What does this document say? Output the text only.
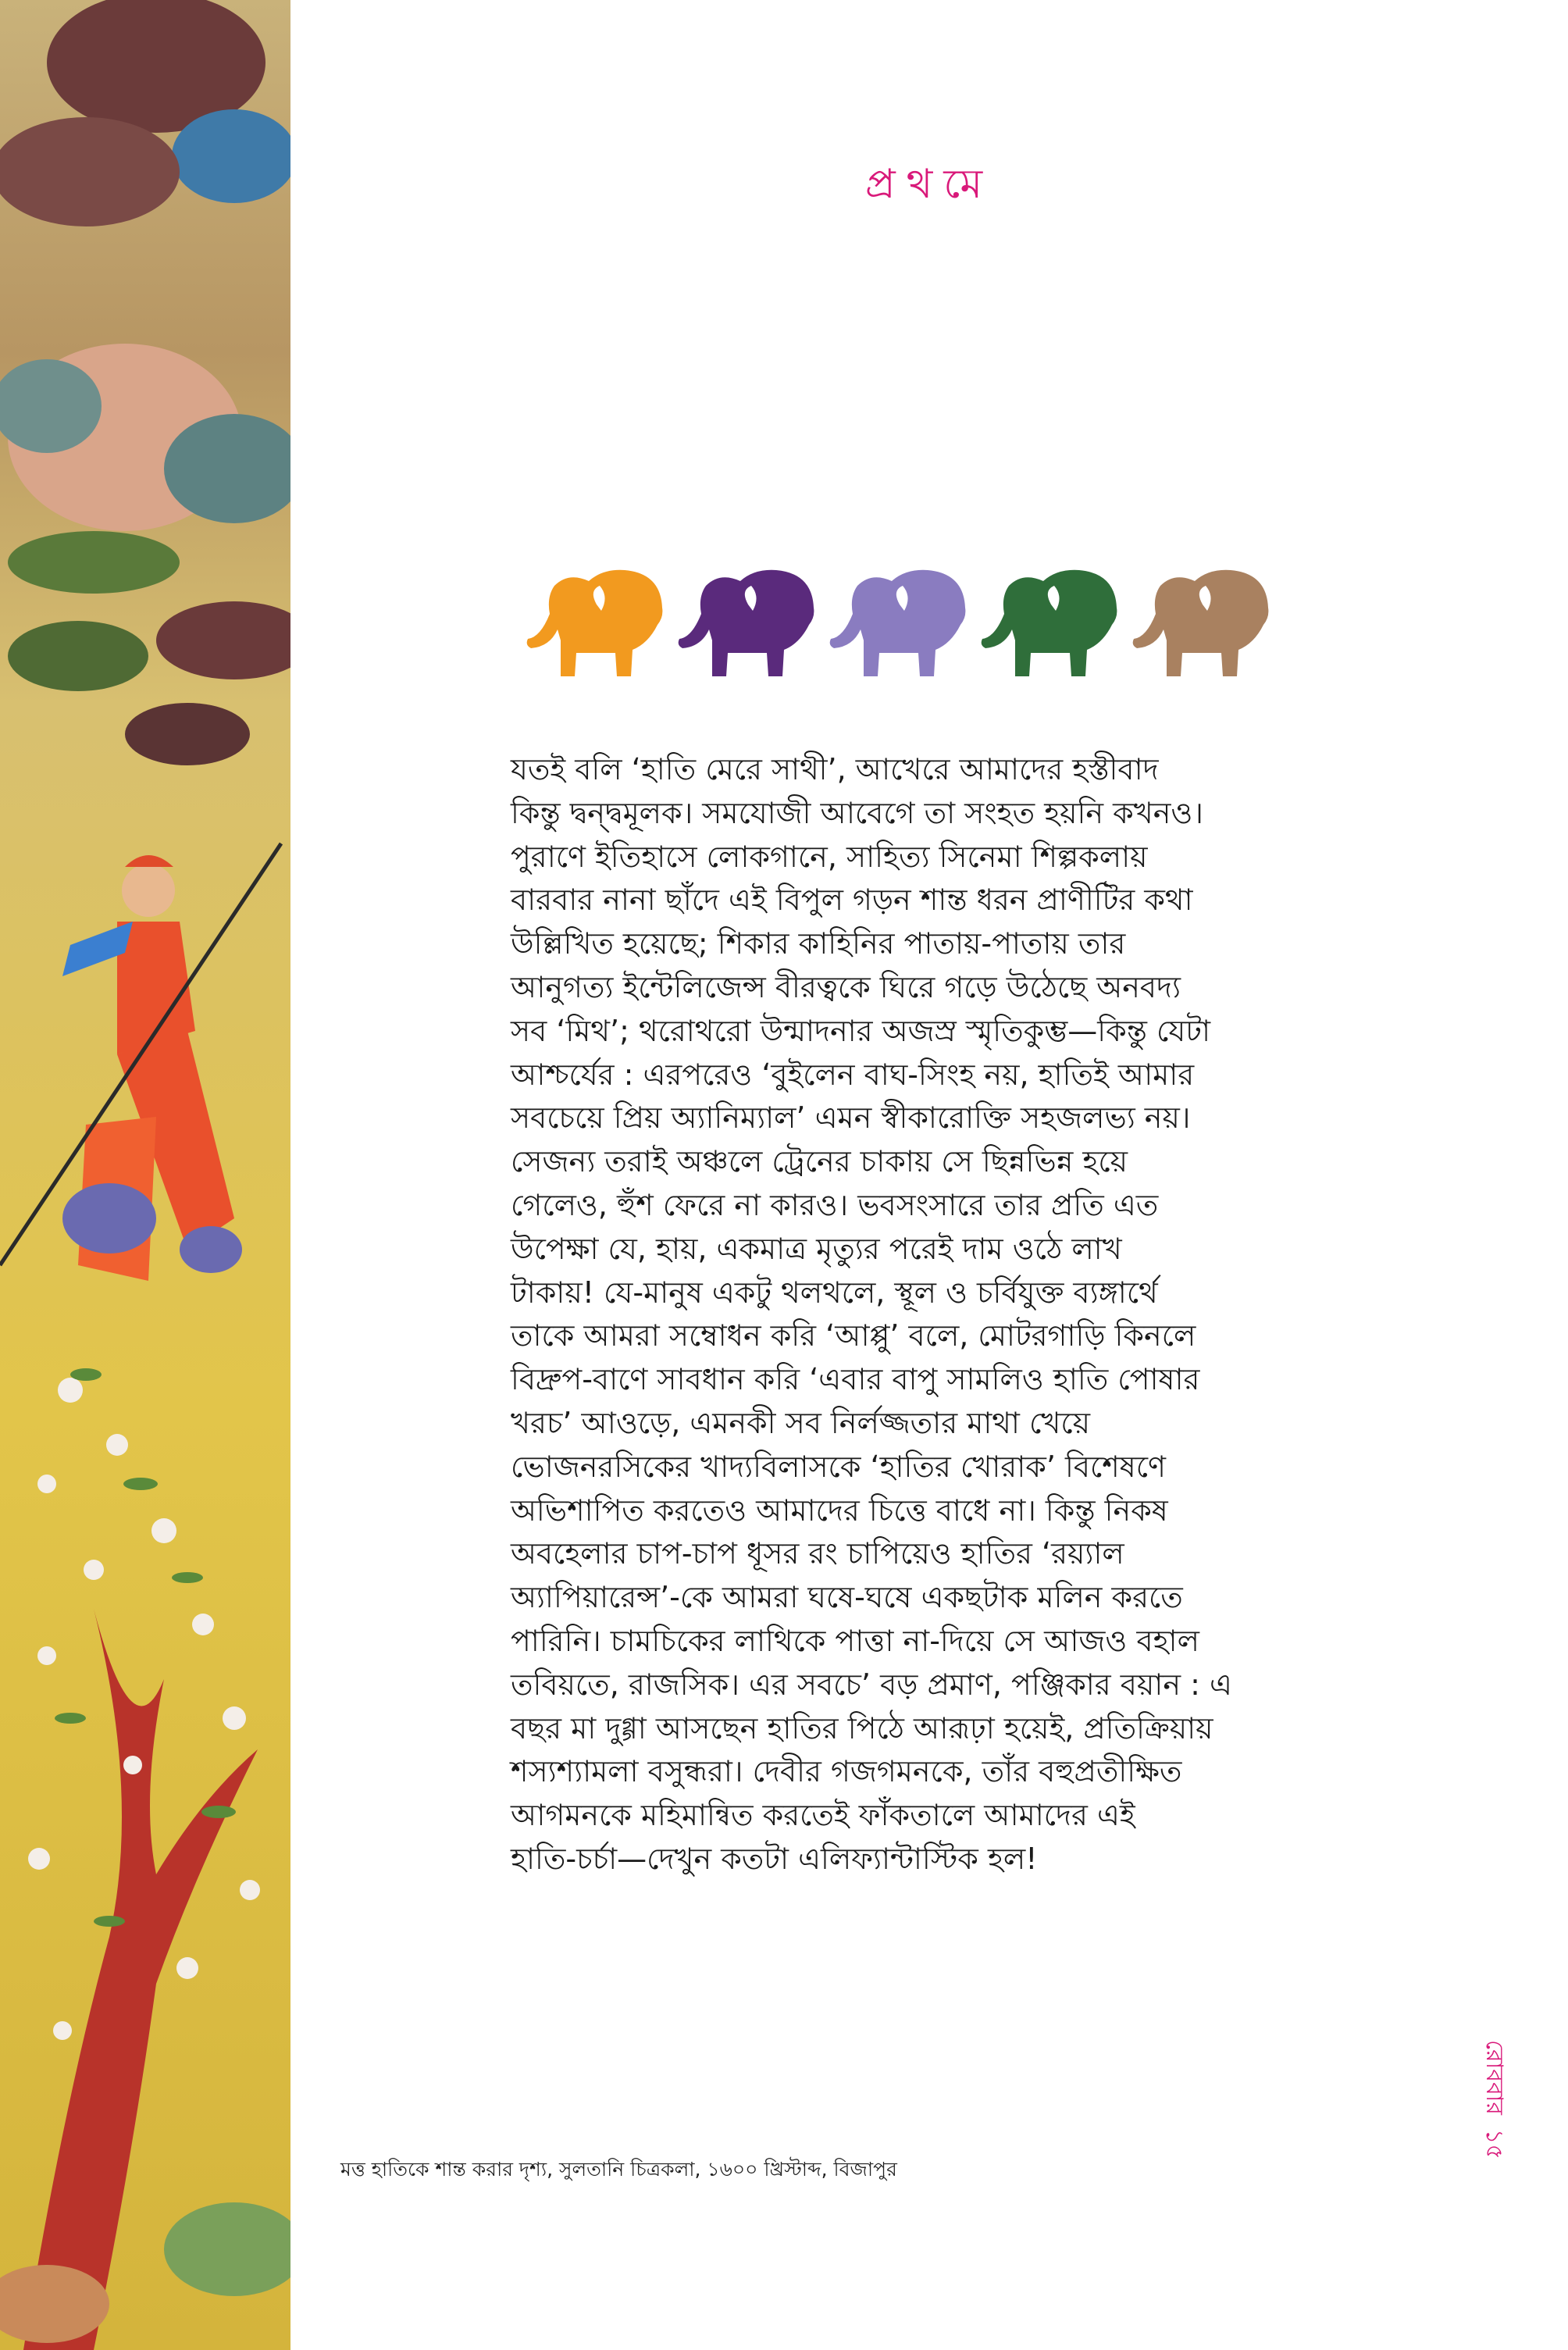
প্রথমে
যতই বলি ‘হাতি মেরে সাথী’, আখেরে আমাদের হস্তীবাদ
কিন্তু দ্বন্দ্বমূলক। সমযোজী আবেগে তা সংহত হয়নি কখনও।
পুরাণে ইতিহাসে লোকগানে, সাহিত্য সিনেমা শিল্পকলায়
বারবার নানা ছাঁদে এই বিপুল গড়ন শান্ত ধরন প্রাণীটির কথা
উল্লিখিত হয়েছে; শিকার কাহিনির পাতায়-পাতায় তার
আনুগত্য ইন্টেলিজেন্স বীরত্বকে ঘিরে গড়ে উঠেছে অনবদ্য
সব ‘মিথ’; থরোথরো উন্মাদনার অজস্র স্মৃতিকুম্ভ—কিন্তু যেটা
আশ্চর্যের : এরপরেও ‘বুইলেন বাঘ-সিংহ নয়, হাতিই আমার
সবচেয়ে প্রিয় অ্যানিম্যাল’ এমন স্বীকারোক্তি সহজলভ্য নয়।
সেজন্য তরাই অঞ্চলে ট্রেনের চাকায় সে ছিন্নভিন্ন হয়ে
গেলেও, হুঁশ ফেরে না কারও। ভবসংসারে তার প্রতি এত
উপেক্ষা যে, হায়, একমাত্র মৃত্যুর পরেই দাম ওঠে লাখ
টাকায়! যে-মানুষ একটু থলথলে, স্থূল ও চর্বিযুক্ত ব্যঙ্গার্থে
তাকে আমরা সম্বোধন করি ‘আপ্পু’ বলে, মোটরগাড়ি কিনলে
বিদ্রুপ-বাণে সাবধান করি ‘এবার বাপু সামলিও হাতি পোষার
খরচ’ আওড়ে, এমনকী সব নির্লজ্জতার মাথা খেয়ে
ভোজনরসিকের খাদ্যবিলাসকে ‘হাতির খোরাক’ বিশেষণে
অভিশাপিত করতেও আমাদের চিত্তে বাধে না। কিন্তু নিকষ
অবহেলার চাপ-চাপ ধূসর রং চাপিয়েও হাতির ‘রয়্যাল
অ্যাপিয়ারেন্স’-কে আমরা ঘষে-ঘষে একছটাক মলিন করতে
পারিনি। চামচিকের লাথিকে পাত্তা না-দিয়ে সে আজও বহাল
তবিয়তে, রাজসিক। এর সবচে’ বড় প্রমাণ, পঞ্জিকার বয়ান : এ
বছর মা দুগ্গা আসছেন হাতির পিঠে আরূঢ়া হয়েই, প্রতিক্রিয়ায়
শস্যশ্যামলা বসুন্ধরা। দেবীর গজগমনকে, তাঁর বহুপ্রতীক্ষিত
আগমনকে মহিমান্বিত করতেই ফাঁকতালে আমাদের এই
হাতি-চর্চা—দেখুন কতটা এলিফ্যান্টাস্টিক হল!
মত্ত হাতিকে শান্ত করার দৃশ্য, সুলতানি চিত্রকলা, ১৬০০ খ্রিস্টাব্দ, বিজাপুর
রোববার
১৫
